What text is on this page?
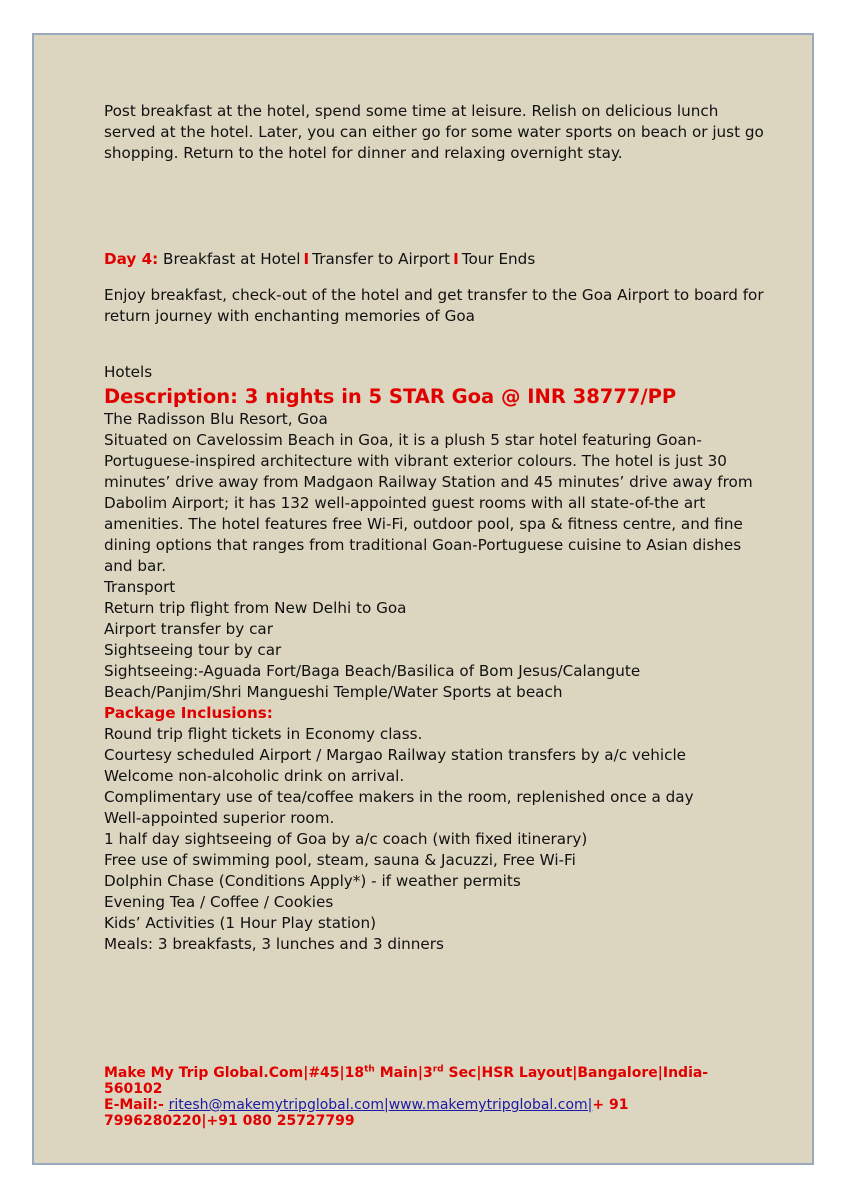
Post breakfast at the hotel, spend some time at leisure. Relish on delicious lunch served at the hotel. Later, you can either go for some water sports on beach or just go shopping. Return to the hotel for dinner and relaxing overnight stay.

Day 4: Breakfast at Hotel I Transfer to Airport I Tour Ends

Enjoy breakfast, check-out of the hotel and get transfer to the Goa Airport to board for return journey with enchanting memories of Goa

Hotels

Description: 3 nights in 5 STAR Goa @ INR 38777/PP

The Radisson Blu Resort, Goa

Situated on Cavelossim Beach in Goa, it is a plush 5 star hotel featuring Goan-Portuguese-inspired architecture with vibrant exterior colours. The hotel is just 30 minutes’ drive away from Madgaon Railway Station and 45 minutes’ drive away from Dabolim Airport; it has 132 well-appointed guest rooms with all state-of-the art amenities. The hotel features free Wi-Fi, outdoor pool, spa & fitness centre, and fine dining options that ranges from traditional Goan-Portuguese cuisine to Asian dishes and bar.

Transport

Return trip flight from New Delhi to Goa

Airport transfer by car

Sightseeing tour by car

Sightseeing:-Aguada Fort/Baga Beach/Basilica of Bom Jesus/Calangute Beach/Panjim/Shri Mangueshi Temple/Water Sports at beach

Package Inclusions:

Round trip flight tickets in Economy class.

Courtesy scheduled Airport / Margao Railway station transfers by a/c vehicle

Welcome non-alcoholic drink on arrival.

Complimentary use of tea/coffee makers in the room, replenished once a day

Well-appointed superior room.

1 half day sightseeing of Goa by a/c coach (with fixed itinerary)

Free use of swimming pool, steam, sauna & Jacuzzi, Free Wi-Fi

Dolphin Chase (Conditions Apply*) - if weather permits

Evening Tea / Coffee / Cookies

Kids’ Activities (1 Hour Play station)

Meals: 3 breakfasts, 3 lunches and 3 dinners

Make My Trip Global.Com|#45|18th Main|3rd Sec|HSR Layout|Bangalore|India-560102
E-Mail:- ritesh@makemytripglobal.com|www.makemytripglobal.com|+ 91 7996280220|+91 080 25727799
